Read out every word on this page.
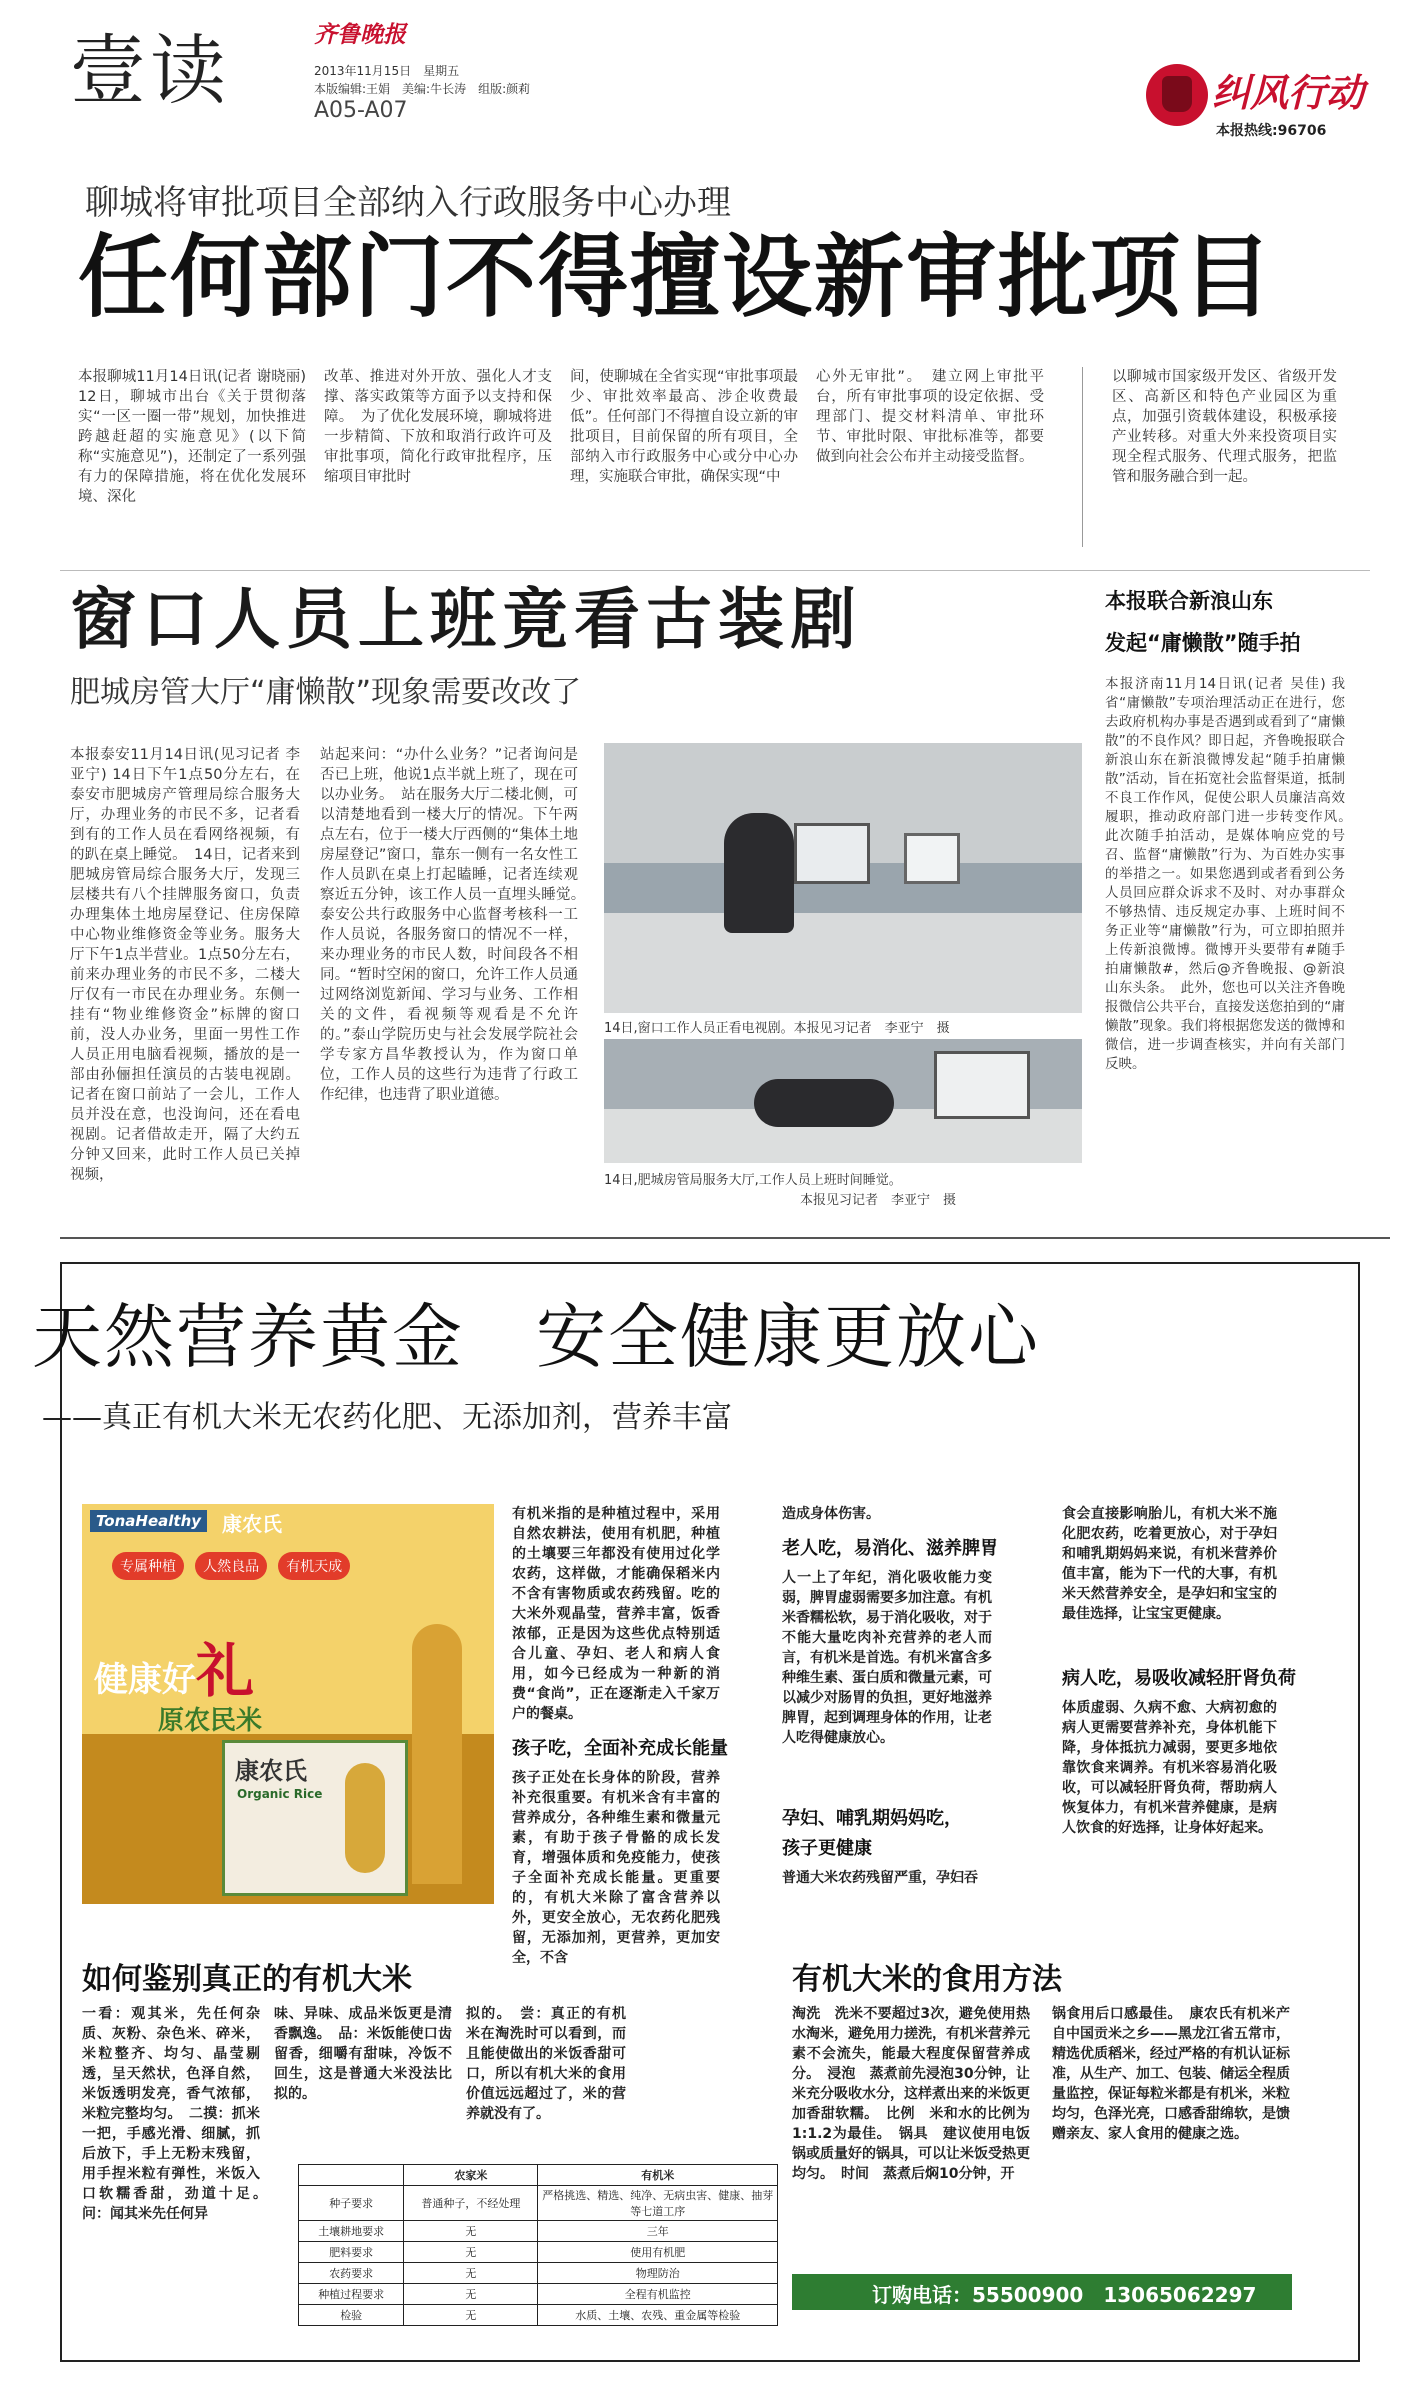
壹读	齐鲁晚报
2013年11月15日　星期五
本版编辑:王娟　美编:牛长涛　组版:颜莉
A05-A07	纠风行动
本报热线:96706
聊城将审批项目全部纳入行政服务中心办理
任何部门不得擅设新审批项目

本报聊城11月14日讯(记者 谢晓丽) 12日，聊城市出台《关于贯彻落实“一区一圈一带”规划，加快推进跨越赶超的实施意见》(以下简称“实施意见”)，还制定了一系列强有力的保障措施，将在优化发展环境、深化

改革、推进对外开放、强化人才支撑、落实政策等方面予以支持和保障。　为了优化发展环境，聊城将进一步精简、下放和取消行政许可及审批事项，简化行政审批程序，压缩项目审批时

间，使聊城在全省实现“审批事项最少、审批效率最高、涉企收费最低”。任何部门不得擅自设立新的审批项目，目前保留的所有项目，全部纳入市行政服务中心或分中心办理，实施联合审批，确保实现“中

心外无审批”。　建立网上审批平台，所有审批事项的设定依据、受理部门、提交材料清单、审批环节、审批时限、审批标准等，都要做到向社会公布并主动接受监督。

以聊城市国家级开发区、省级开发区、高新区和特色产业园区为重点，加强引资载体建设，积极承接产业转移。对重大外来投资项目实现全程式服务、代理式服务，把监管和服务融合到一起。

窗口人员上班竟看古装剧
肥城房管大厅“庸懒散”现象需要改改了

本报泰安11月14日讯(见习记者 李亚宁) 14日下午1点50分左右，在泰安市肥城房产管理局综合服务大厅，办理业务的市民不多，记者看到有的工作人员在看网络视频，有的趴在桌上睡觉。　14日，记者来到肥城房管局综合服务大厅，发现三层楼共有八个挂牌服务窗口，负责办理集体土地房屋登记、住房保障中心物业维修资金等业务。服务大厅下午1点半营业。1点50分左右，前来办理业务的市民不多，二楼大厅仅有一市民在办理业务。东侧一挂有“物业维修资金”标牌的窗口前，没人办业务，里面一男性工作人员正用电脑看视频，播放的是一部由孙俪担任演员的古装电视剧。记者在窗口前站了一会儿，工作人员并没在意，也没询问，还在看电视剧。记者借故走开，隔了大约五分钟又回来，此时工作人员已关掉视频，

站起来问：“办什么业务？”记者询问是否已上班，他说1点半就上班了，现在可以办业务。　站在服务大厅二楼北侧，可以清楚地看到一楼大厅的情况。下午两点左右，位于一楼大厅西侧的“集体土地房屋登记”窗口，靠东一侧有一名女性工作人员趴在桌上打起瞌睡，记者连续观察近五分钟，该工作人员一直埋头睡觉。　泰安公共行政服务中心监督考核科一工作人员说，各服务窗口的情况不一样，来办理业务的市民人数，时间段各不相同。“暂时空闲的窗口，允许工作人员通过网络浏览新闻、学习与业务、工作相关的文件，看视频等观看是不允许的。”泰山学院历史与社会发展学院社会学专家方昌华教授认为，作为窗口单位，工作人员的这些行为违背了行政工作纪律，也违背了职业道德。

14日,窗口工作人员正看电视剧。本报见习记者　李亚宁　摄
14日,肥城房管局服务大厅,工作人员上班时间睡觉。
本报见习记者　李亚宁　摄
本报联合新浪山东
发起“庸懒散”随手拍

本报济南11月14日讯(记者 吴佳) 我省“庸懒散”专项治理活动正在进行，您去政府机构办事是否遇到或看到了“庸懒散”的不良作风？即日起，齐鲁晚报联合新浪山东在新浪微博发起“随手拍庸懒散”活动，旨在拓宽社会监督渠道，抵制不良工作作风，促使公职人员廉洁高效履职，推动政府部门进一步转变作风。　此次随手拍活动，是媒体响应党的号召、监督“庸懒散”行为、为百姓办实事的举措之一。如果您遇到或者看到公务人员回应群众诉求不及时、对办事群众不够热情、违反规定办事、上班时间不务正业等“庸懒散”行为，可立即拍照并上传新浪微博。微博开头要带有#随手拍庸懒散#，然后@齐鲁晚报、@新浪山东头条。　此外，您也可以关注齐鲁晚报微信公共平台，直接发送您拍到的“庸懒散”现象。我们将根据您发送的微博和微信，进一步调查核实，并向有关部门反映。

天然营养黄金　安全健康更放心
——真正有机大米无农药化肥、无添加剂，营养丰富
TonaHealthy	康农氏
专属种植 人然良品 有机天成
健康好礼
原农民米
康农氏
Organic Rice

有机米指的是种植过程中，采用自然农耕法，使用有机肥，种植的土壤要三年都没有使用过化学农药，这样做，才能确保稻米内不含有害物质或农药残留。吃的大米外观晶莹，营养丰富，饭香浓郁，正是因为这些优点特别适合儿童、孕妇、老人和病人食用，如今已经成为一种新的消费“食尚”，正在逐渐走入千家万户的餐桌。

孩子吃，全面补充成长能量

孩子正处在长身体的阶段，营养补充很重要。有机米含有丰富的营养成分，各种维生素和微量元素，有助于孩子骨骼的成长发育，增强体质和免疫能力，使孩子全面补充成长能量。更重要的，有机大米除了富含营养以外，更安全放心，无农药化肥残留，无添加剂，更营养，更加安全，不含

造成身体伤害。

老人吃，易消化、滋养脾胃

人一上了年纪，消化吸收能力变弱，脾胃虚弱需要多加注意。有机米香糯松软，易于消化吸收，对于不能大量吃肉补充营养的老人而言，有机米是首选。有机米富含多种维生素、蛋白质和微量元素，可以减少对肠胃的负担，更好地滋养脾胃，起到调理身体的作用，让老人吃得健康放心。

孕妇、哺乳期妈妈吃，
孩子更健康

普通大米农药残留严重，孕妇吞

食会直接影响胎儿，有机大米不施化肥农药，吃着更放心，对于孕妇和哺乳期妈妈来说，有机米营养价值丰富，能为下一代的大事，有机米天然营养安全，是孕妇和宝宝的最佳选择，让宝宝更健康。

病人吃，易吸收减轻肝肾负荷

体质虚弱、久病不愈、大病初愈的病人更需要营养补充，身体机能下降，身体抵抗力减弱，要更多地依靠饮食来调养。有机米容易消化吸收，可以减轻肝肾负荷，帮助病人恢复体力，有机米营养健康，是病人饮食的好选择，让身体好起来。

如何鉴别真正的有机大米

一看：观其米，先任何杂质、灰粉、杂色米、碎米，米粒整齐、均匀、晶莹剔透，呈天然状，色泽自然，米饭透明发亮，香气浓郁，米粒完整均匀。　二摸：抓米一把，手感光滑、细腻，抓后放下，手上无粉末残留，用手捏米粒有弹性，米饭入口软糯香甜，劲道十足。　问：闻其米先任何异

味、异味、成品米饭更是清香飘逸。　品：米饭能使口齿留香，细嚼有甜味，冷饭不回生，这是普通大米没法比拟的。

拟的。　尝：真正的有机米在淘洗时可以看到，而且能使做出的米饭香甜可口，所以有机大米的食用价值远远超过了，米的营养就没有了。

	农家米	有机米
种子要求	普通种子，不经处理	严格挑选、精选、纯净、无病虫害、健康、抽芽等七道工序
土壤耕地要求	无	三年
肥料要求	无	使用有机肥
农药要求	无	物理防治
种植过程要求	无	全程有机监控
检验	无	水质、土壤、农残、重金属等检验
有机大米的食用方法

淘洗　洗米不要超过3次，避免使用热水淘米，避免用力搓洗，有机米营养元素不会流失，能最大程度保留营养成分。　浸泡　蒸煮前先浸泡30分钟，让米充分吸收水分，这样煮出来的米饭更加香甜软糯。　比例　米和水的比例为1:1.2为最佳。　锅具　建议使用电饭锅或质量好的锅具，可以让米饭受热更均匀。　时间　蒸煮后焖10分钟，开

锅食用后口感最佳。　康农氏有机米产自中国贡米之乡——黑龙江省五常市，精选优质稻米，经过严格的有机认证标准，从生产、加工、包装、储运全程质量监控，保证每粒米都是有机米，米粒均匀，色泽光亮，口感香甜绵软，是馈赠亲友、家人食用的健康之选。

订购电话：55500900　13065062297
